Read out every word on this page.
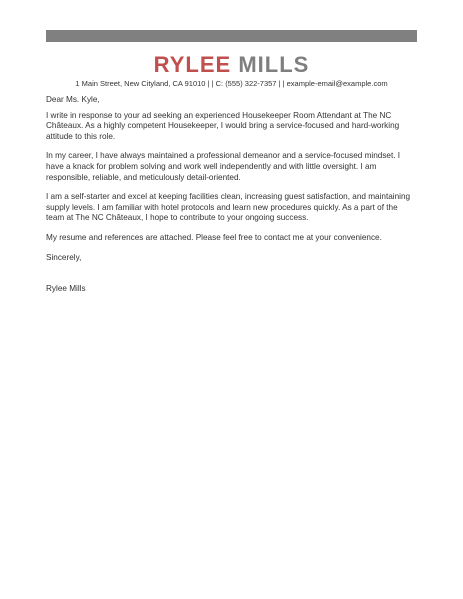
RYLEE MILLS
1 Main Street, New Cityland, CA 91010 | | C: (555) 322-7357 | | example-email@example.com

Dear Ms. Kyle,

I write in response to your ad seeking an experienced Housekeeper Room Attendant at The NC Châteaux. As a highly competent Housekeeper, I would bring a service-focused and hard-working attitude to this role.

In my career, I have always maintained a professional demeanor and a service-focused mindset. I have a knack for problem solving and work well independently and with little oversight. I am responsible, reliable, and meticulously detail-oriented.

I am a self-starter and excel at keeping facilities clean, increasing guest satisfaction, and maintaining supply levels. I am familiar with hotel protocols and learn new procedures quickly. As a part of the team at The NC Châteaux, I hope to contribute to your ongoing success.

My resume and references are attached. Please feel free to contact me at your convenience.

Sincerely,

Rylee Mills
